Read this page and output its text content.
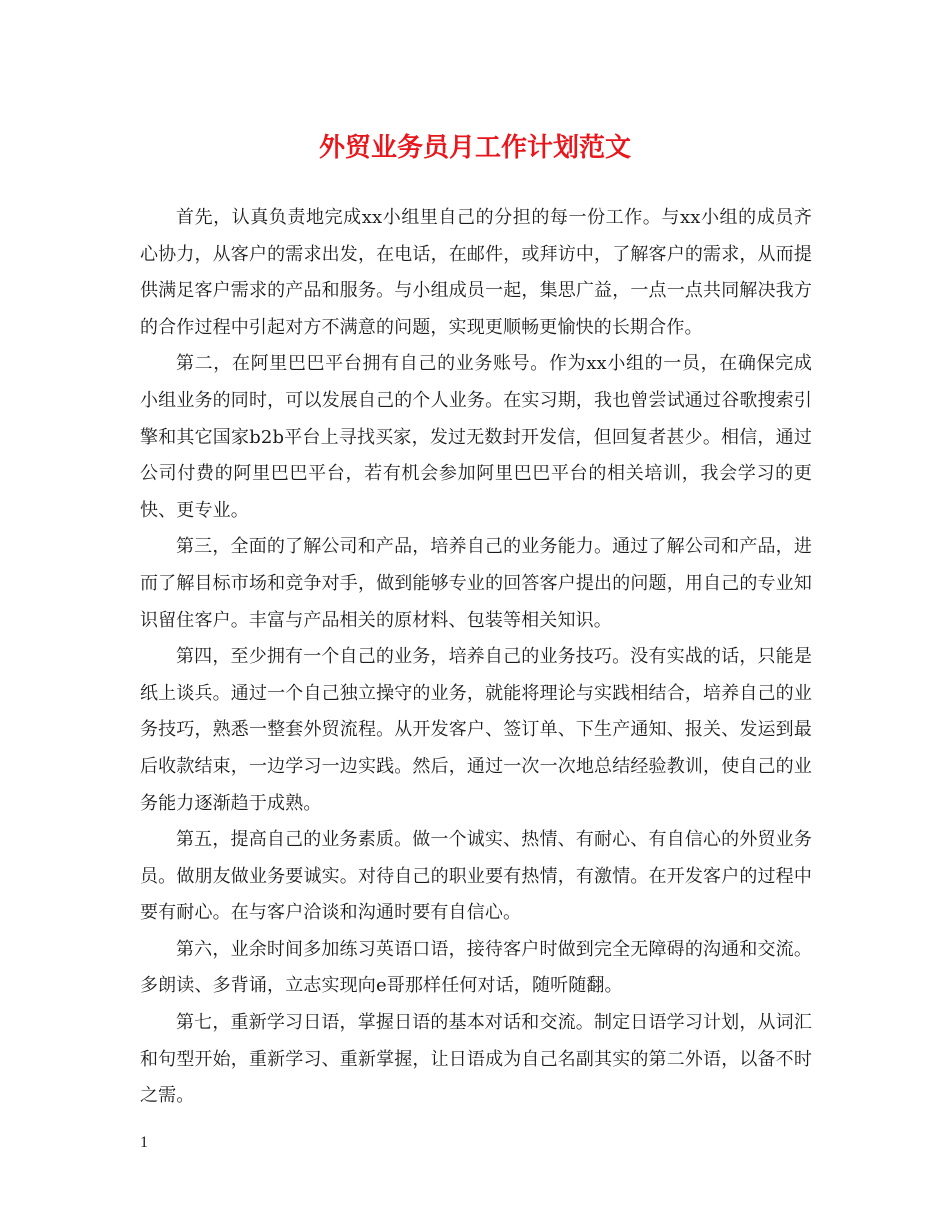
外贸业务员月工作计划范文

首先，认真负责地完成xx小组里自己的分担的每一份工作。与xx小组的成员齐心协力，从客户的需求出发，在电话，在邮件，或拜访中，了解客户的需求，从而提供满足客户需求的产品和服务。与小组成员一起，集思广益，一点一点共同解决我方的合作过程中引起对方不满意的问题，实现更顺畅更愉快的长期合作。

第二，在阿里巴巴平台拥有自己的业务账号。作为xx小组的一员，在确保完成小组业务的同时，可以发展自己的个人业务。在实习期，我也曾尝试通过谷歌搜索引擎和其它国家b2b平台上寻找买家，发过无数封开发信，但回复者甚少。相信，通过公司付费的阿里巴巴平台，若有机会参加阿里巴巴平台的相关培训，我会学习的更快、更专业。

第三，全面的了解公司和产品，培养自己的业务能力。通过了解公司和产品，进而了解目标市场和竞争对手，做到能够专业的回答客户提出的问题，用自己的专业知识留住客户。丰富与产品相关的原材料、包装等相关知识。

第四，至少拥有一个自己的业务，培养自己的业务技巧。没有实战的话，只能是纸上谈兵。通过一个自己独立操守的业务，就能将理论与实践相结合，培养自己的业务技巧，熟悉一整套外贸流程。从开发客户、签订单、下生产通知、报关、发运到最后收款结束，一边学习一边实践。然后，通过一次一次地总结经验教训，使自己的业务能力逐渐趋于成熟。

第五，提高自己的业务素质。做一个诚实、热情、有耐心、有自信心的外贸业务员。做朋友做业务要诚实。对待自己的职业要有热情，有激情。在开发客户的过程中要有耐心。在与客户洽谈和沟通时要有自信心。

第六，业余时间多加练习英语口语，接待客户时做到完全无障碍的沟通和交流。多朗读、多背诵，立志实现向e哥那样任何对话，随听随翻。

第七，重新学习日语，掌握日语的基本对话和交流。制定日语学习计划，从词汇和句型开始，重新学习、重新掌握，让日语成为自己名副其实的第二外语，以备不时之需。

1
